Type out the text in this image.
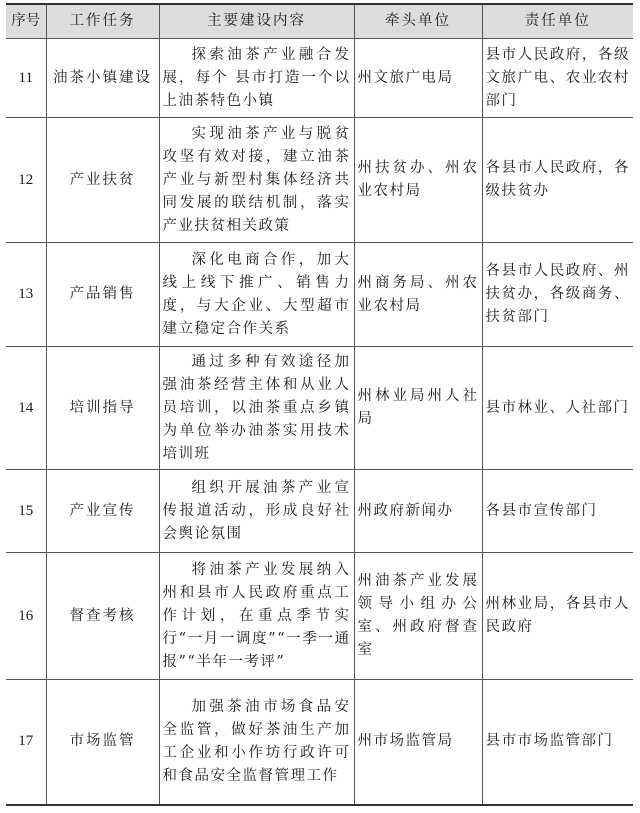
序号	工作任务	主要建设内容	牵头单位	责任单位
11	油茶小镇建设	探索油茶产业融合发展，每个 县市打造一个以上油茶特色小镇	州文旅广电局	县市人民政府，各级文旅广电、农业农村部门
12	产业扶贫	实现油茶产业与脱贫攻坚有效对接，建立油茶产业与新型村集体经济共同发展的联结机制，落实产业扶贫相关政策	州扶贫办、州农业农村局	各县市人民政府，各级扶贫办
13	产品销售	深化电商合作，加大线上线下推广、销售力度，与大企业、大型超市建立稳定合作关系	州商务局、州农业农村局	各县市人民政府、州扶贫办，各级商务、扶贫部门
14	培训指导	通过多种有效途径加强油茶经营主体和从业人员培训，以油茶重点乡镇为单位举办油茶实用技术培训班	州林业局州人社局	县市林业、人社部门
15	产业宣传	组织开展油茶产业宣传报道活动，形成良好社会舆论氛围	州政府新闻办	各县市宣传部门
16	督查考核	将油茶产业发展纳入州和县市人民政府重点工作计划，在重点季节实行“一月一调度”“一季一通报”“半年一考评”	州油茶产业发展领导小组办公室、州政府督查室	州林业局，各县市人民政府
17	市场监管	加强茶油市场食品安全监管，做好茶油生产加工企业和小作坊行政许可和食品安全监督管理工作	州市场监管局	县市市场监管部门
